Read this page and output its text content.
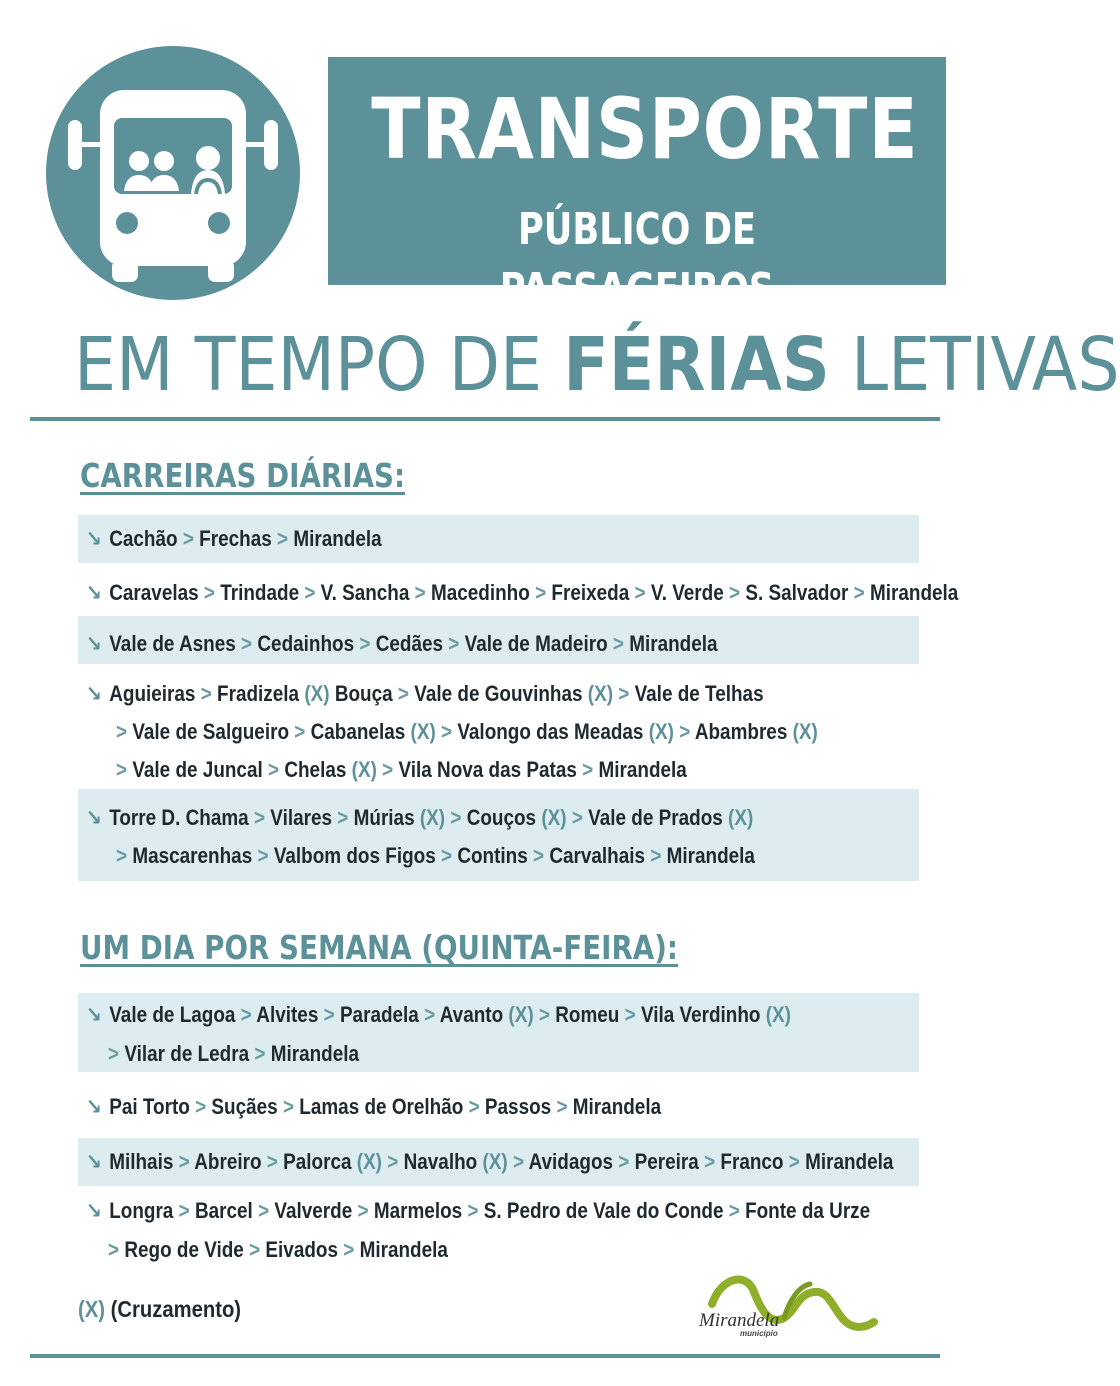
TRANSPORTE
PÚBLICO DE PASSAGEIROS
EM TEMPO DE FÉRIAS LETIVAS
CARREIRAS DIÁRIAS:
↘ Cachão > Frechas > Mirandela
↘ Caravelas > Trindade > V. Sancha > Macedinho > Freixeda > V. Verde > S. Salvador > Mirandela
↘ Vale de Asnes > Cedainhos > Cedães > Vale de Madeiro > Mirandela
↘ Aguieiras > Fradizela (X) Bouça > Vale de Gouvinhas (X) > Vale de Telhas
> Vale de Salgueiro > Cabanelas (X) > Valongo das Meadas (X) > Abambres (X)
> Vale de Juncal > Chelas (X) > Vila Nova das Patas > Mirandela
↘ Torre D. Chama > Vilares > Múrias (X) > Couços (X) > Vale de Prados (X)
> Mascarenhas > Valbom dos Figos > Contins > Carvalhais > Mirandela
UM DIA POR SEMANA (QUINTA-FEIRA):
↘ Vale de Lagoa > Alvites > Paradela > Avanto (X) > Romeu > Vila Verdinho (X)
> Vilar de Ledra > Mirandela
↘ Pai Torto > Suçães > Lamas de Orelhão > Passos > Mirandela
↘ Milhais > Abreiro > Palorca (X) > Navalho (X) > Avidagos > Pereira > Franco > Mirandela
↘ Longra > Barcel > Valverde > Marmelos > S. Pedro de Vale do Conde > Fonte da Urze
> Rego de Vide > Eivados > Mirandela
(X) (Cruzamento)	Mirandela
município
